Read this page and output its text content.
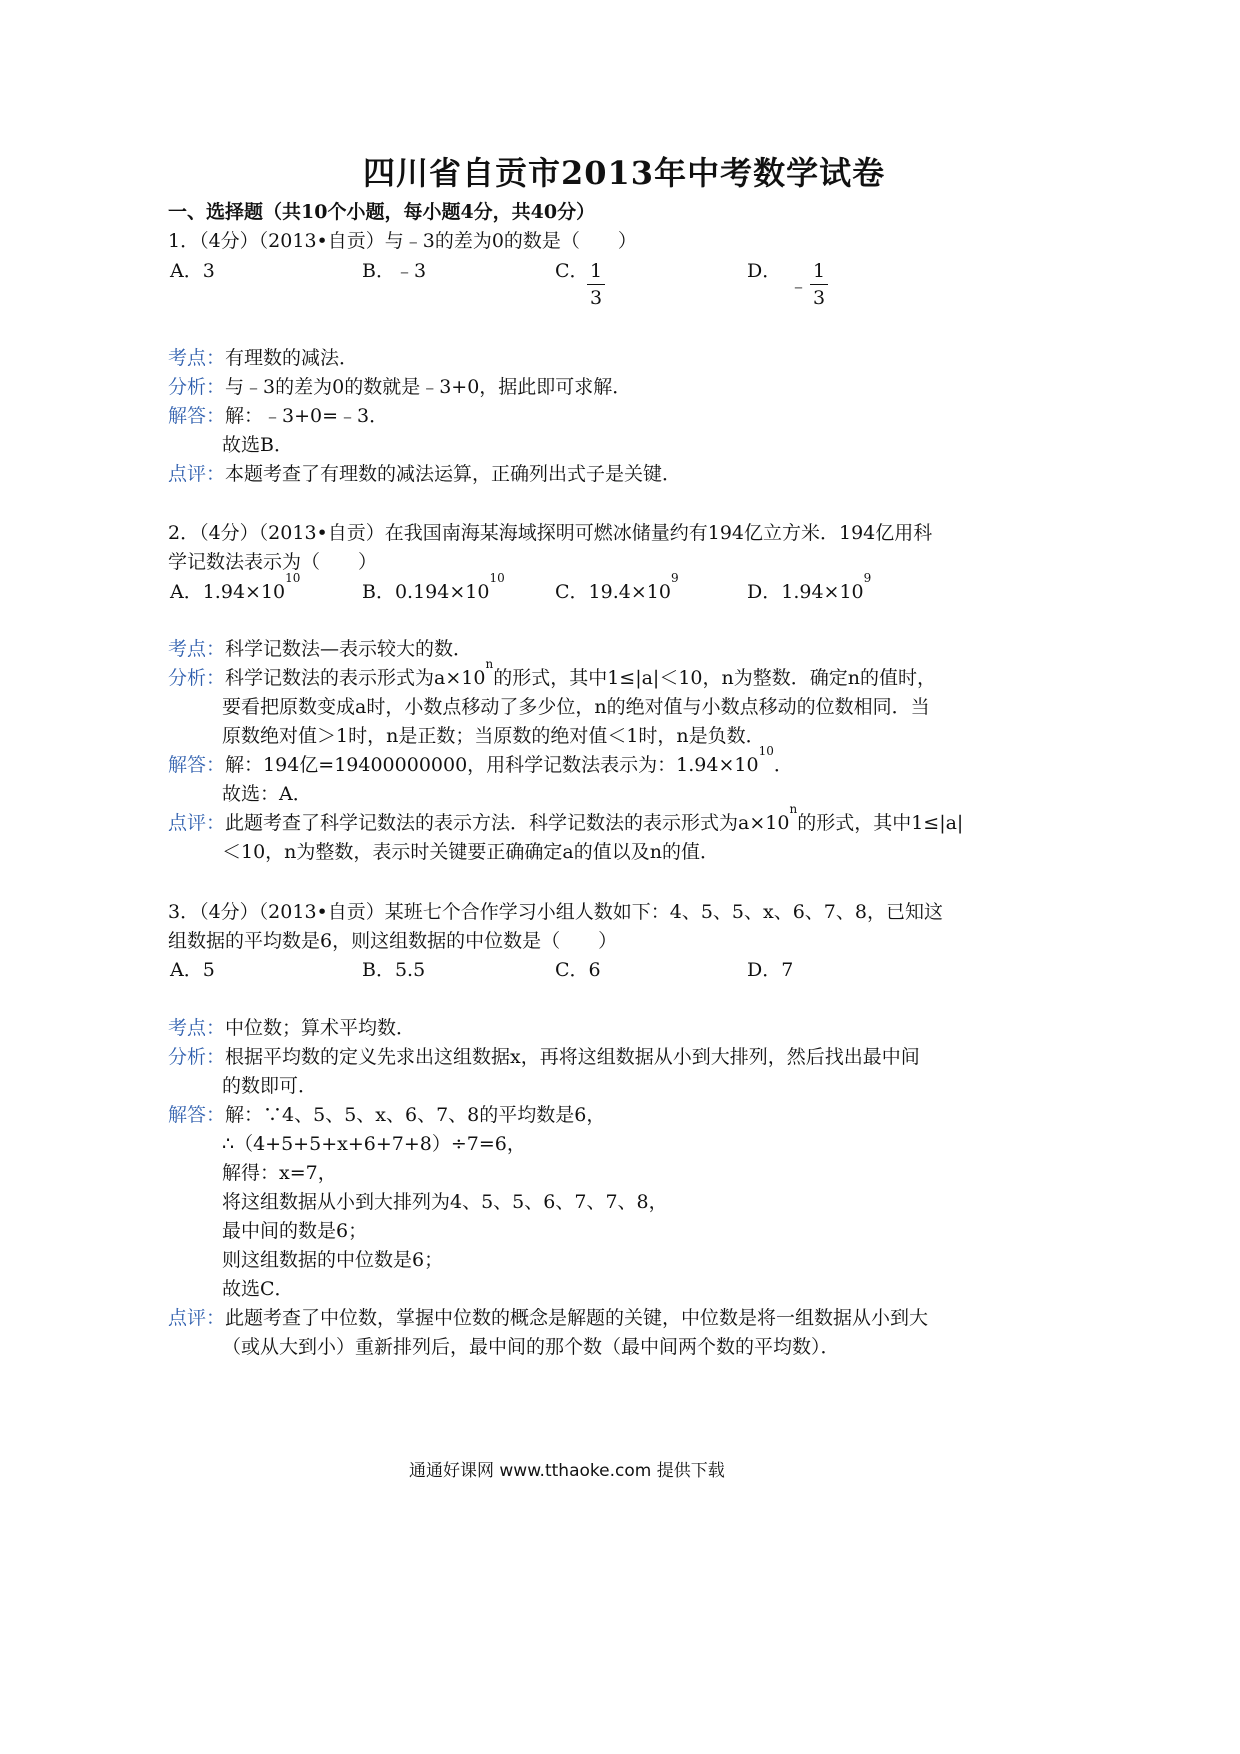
四川省自贡市2013年中考数学试卷
一、选择题（共10个小题，每小题4分，共40分）
1．（4分）（2013•自贡）与﹣3的差为0的数是（　　）
A．3	B．﹣3	C．
$\frac{1}{3}$	D．
﹣ $\frac{1}{3}$
考点：有理数的减法．
分析：与﹣3的差为0的数就是﹣3+0，据此即可求解．
解答：解：﹣3+0=﹣3．
故选B．
点评：本题考查了有理数的减法运算，正确列出式子是关键．
2．（4分）（2013•自贡）在我国南海某海域探明可燃冰储量约有194亿立方米．194亿用科
学记数法表示为（　　）
A．$1.94\times 10^{10}$
B．$0.194\times 10^{10}$
C．$19.4\times 10^9$
D．$1.94\times 10^9$
考点：科学记数法—表示较大的数．
分析：科学记数法的表示形式为$a\times 10^n$的形式，其中1≤|a|＜10，n为整数．确定n的值时，
要看把原数变成a时，小数点移动了多少位，n的绝对值与小数点移动的位数相同．当
原数绝对值＞1时，n是正数；当原数的绝对值＜1时，n是负数．
解答：解：194亿=19400000000，用科学记数法表示为：$1.94\times 10^{10}$．
故选：A．
点评：此题考查了科学记数法的表示方法．科学记数法的表示形式为$a\times 10^n$的形式，其中1≤|a|
＜10，n为整数，表示时关键要正确确定a的值以及n的值．
3．（4分）（2013•自贡）某班七个合作学习小组人数如下：4、5、5、x、6、7、8，已知这
组数据的平均数是6，则这组数据的中位数是（　　）
A．5	B．5.5	C．6	D．7
考点：中位数；算术平均数．
分析：根据平均数的定义先求出这组数据x，再将这组数据从小到大排列，然后找出最中间
的数即可．
解答：解：∵4、5、5、x、6、7、8的平均数是6，
∴（4+5+5+x+6+7+8）÷7=6，
解得：x=7，
将这组数据从小到大排列为4、5、5、6、7、7、8，
最中间的数是6；
则这组数据的中位数是6；
故选C．
点评：此题考查了中位数，掌握中位数的概念是解题的关键，中位数是将一组数据从小到大
（或从大到小）重新排列后，最中间的那个数（最中间两个数的平均数）．
通通好课网 www.tthaoke.com 提供下载
